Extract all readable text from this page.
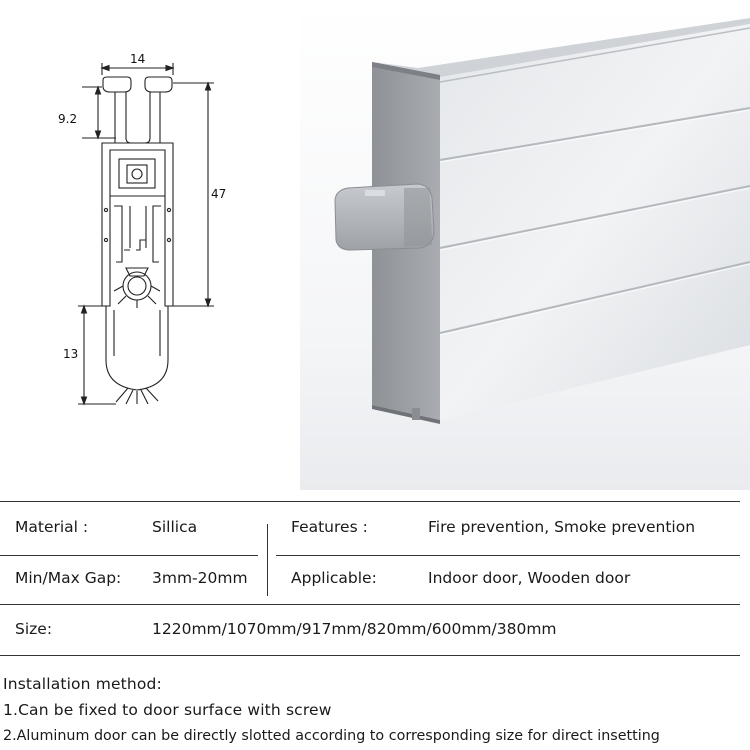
14
9.2
47
13
Material :	Sillica	Features :	Fire prevention, Smoke prevention
Min/Max Gap: 3mm-20mm	Applicable:	Indoor door, Wooden door
Size:	1220mm/1070mm/917mm/820mm/600mm/380mm
Installation method:
1.Can be fixed to door surface with screw
2.Aluminum door can be directly slotted according to corresponding size for direct insetting
